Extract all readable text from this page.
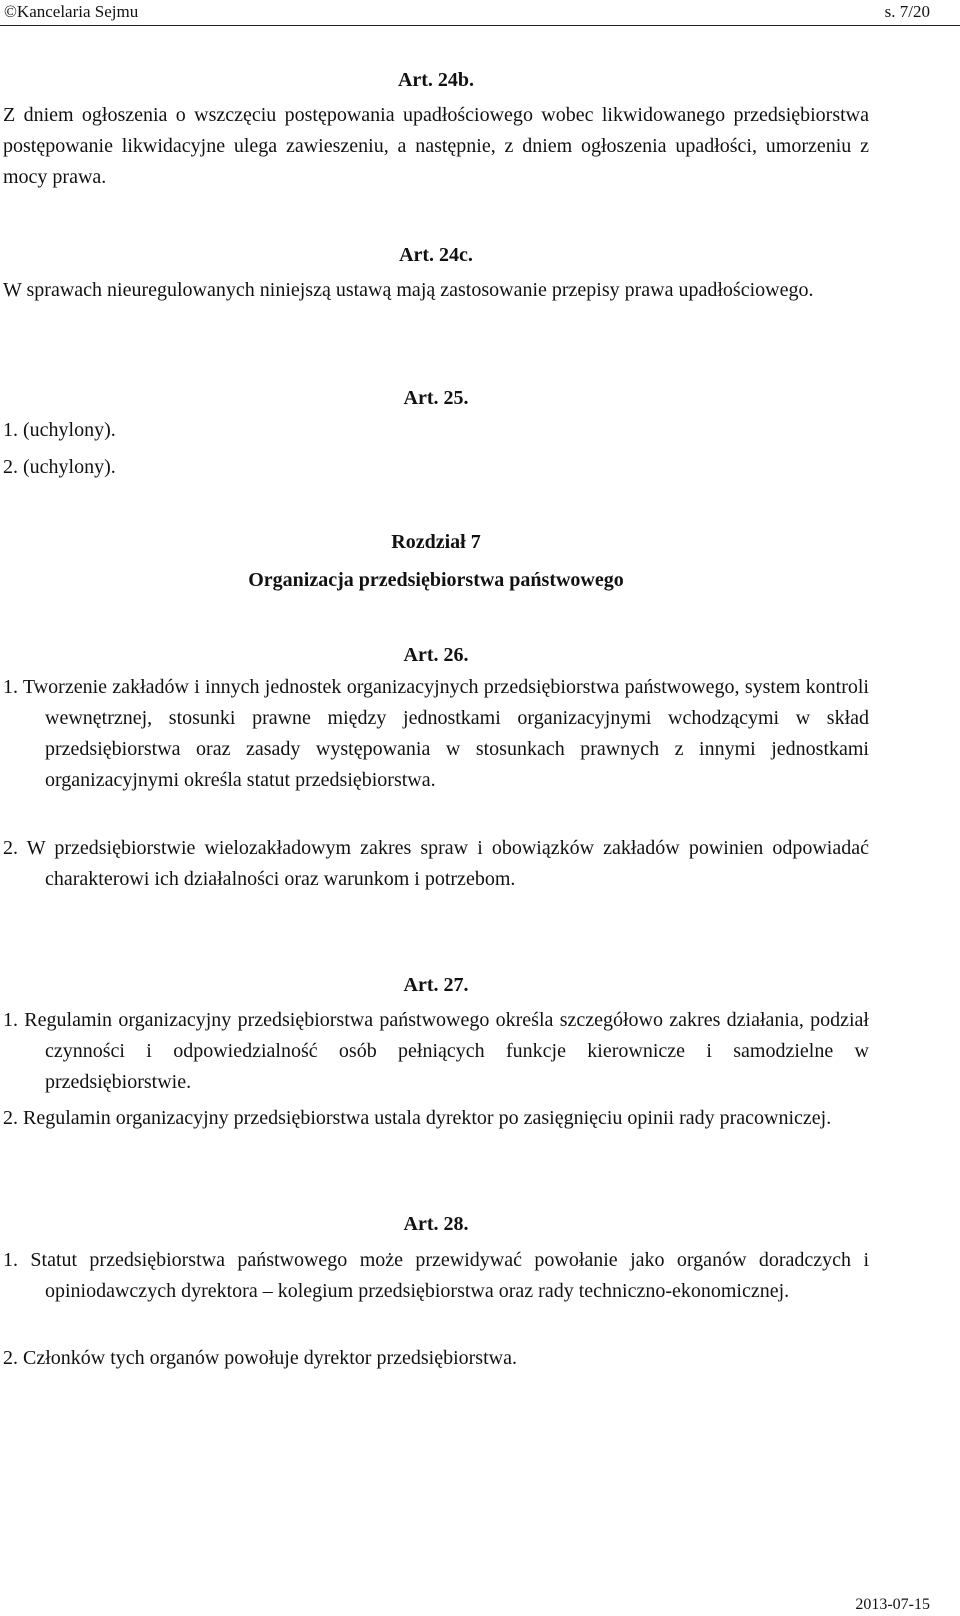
©Kancelaria Sejmu	s. 7/20
Art. 24b.
Z dniem ogłoszenia o wszczęciu postępowania upadłościowego wobec likwidowanego przedsiębiorstwa postępowanie likwidacyjne ulega zawieszeniu, a następnie, z dniem ogłoszenia upadłości, umorzeniu z mocy prawa.
Art. 24c.
W sprawach nieuregulowanych niniejszą ustawą mają zastosowanie przepisy prawa upadłościowego.
Art. 25.
1. (uchylony).
2. (uchylony).
Rozdział 7
Organizacja przedsiębiorstwa państwowego
Art. 26.
1. Tworzenie zakładów i innych jednostek organizacyjnych przedsiębiorstwa państwowego, system kontroli wewnętrznej, stosunki prawne między jednostkami organizacyjnymi wchodzącymi w skład przedsiębiorstwa oraz zasady występowania w stosunkach prawnych z innymi jednostkami organizacyjnymi określa statut przedsiębiorstwa.
2. W przedsiębiorstwie wielozakładowym zakres spraw i obowiązków zakładów powinien odpowiadać charakterowi ich działalności oraz warunkom i potrzebom.
Art. 27.
1. Regulamin organizacyjny przedsiębiorstwa państwowego określa szczegółowo zakres działania, podział czynności i odpowiedzialność osób pełniących funkcje kierownicze i samodzielne w przedsiębiorstwie.
2. Regulamin organizacyjny przedsiębiorstwa ustala dyrektor po zasięgnięciu opinii rady pracowniczej.
Art. 28.
1. Statut przedsiębiorstwa państwowego może przewidywać powołanie jako organów doradczych i opiniodawczych dyrektora – kolegium przedsiębiorstwa oraz rady techniczno-ekonomicznej.
2. Członków tych organów powołuje dyrektor przedsiębiorstwa.
2013-07-15
